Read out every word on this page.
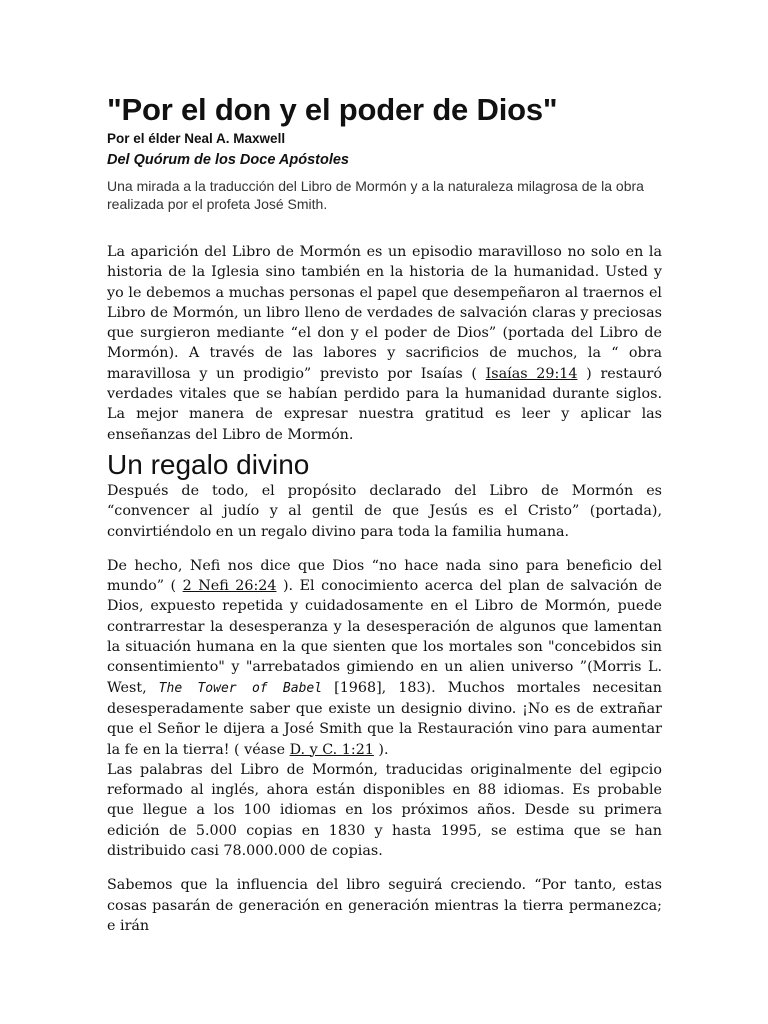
"Por el don y el poder de Dios"
Por el élder Neal A. Maxwell
Del Quórum de los Doce Apóstoles
Una mirada a la traducción del Libro de Mormón y a la naturaleza milagrosa de la obra realizada por el profeta José Smith.

La aparición del Libro de Mormón es un episodio maravilloso no solo en la historia de la Iglesia sino también en la historia de la humanidad. Usted y yo le debemos a muchas personas el papel que desempeñaron al traernos el Libro de Mormón, un libro lleno de verdades de salvación claras y preciosas que surgieron mediante “el don y el poder de Dios” (portada del Libro de Mormón). A través de las labores y sacrificios de muchos, la “ obra maravillosa y un prodigio” previsto por Isaías ( Isaías 29:14 ) restauró verdades vitales que se habían perdido para la humanidad durante siglos. La mejor manera de expresar nuestra gratitud es leer y aplicar las enseñanzas del Libro de Mormón.

Un regalo divino

Después de todo, el propósito declarado del Libro de Mormón es “convencer al judío y al gentil de que Jesús es el Cristo” (portada), convirtiéndolo en un regalo divino para toda la familia humana.

De hecho, Nefi nos dice que Dios “no hace nada sino para beneficio del mundo” ( 2 Nefi 26:24 ). El conocimiento acerca del plan de salvación de Dios, expuesto repetida y cuidadosamente en el Libro de Mormón, puede contrarrestar la desesperanza y la desesperación de algunos que lamentan la situación humana en la que sienten que los mortales son "concebidos sin consentimiento" y "arrebatados gimiendo en un alien universo ”(Morris L. West, The Tower of Babel [1968], 183). Muchos mortales necesitan desesperadamente saber que existe un designio divino. ¡No es de extrañar que el Señor le dijera a José Smith que la Restauración vino para aumentar la fe en la tierra! ( véase D. y C. 1:21 ).

Las palabras del Libro de Mormón, traducidas originalmente del egipcio reformado al inglés, ahora están disponibles en 88 idiomas. Es probable que llegue a los 100 idiomas en los próximos años. Desde su primera edición de 5.000 copias en 1830 y hasta 1995, se estima que se han distribuido casi 78.000.000 de copias.

Sabemos que la influencia del libro seguirá creciendo. “Por tanto, estas cosas pasarán de generación en generación mientras la tierra permanezca; e irán
